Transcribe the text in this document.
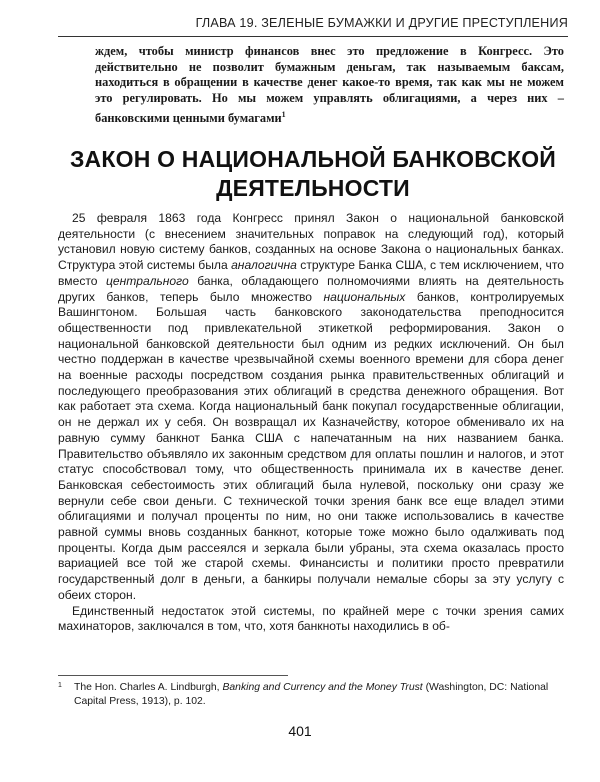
ГЛАВА 19. ЗЕЛЕНЫЕ БУМАЖКИ И ДРУГИЕ ПРЕСТУПЛЕНИЯ
ждем, чтобы министр финансов внес это предложение в Конгресс. Это действительно не позволит бумажным деньгам, так называемым баксам, находиться в обращении в качестве денег какое-то время, так как мы не можем это регулировать. Но мы можем управлять облигациями, а через них – банковскими ценными бумагами$^1$
ЗАКОН О НАЦИОНАЛЬНОЙ БАНКОВСКОЙ
ДЕЯТЕЛЬНОСТИ

25 февраля 1863 года Конгресс принял Закон о национальной банковской деятельности (с внесением значительных поправок на следующий год), который установил новую систему банков, созданных на основе Закона о национальных банках. Структура этой системы была аналогична структуре Банка США, с тем исключением, что вместо центрального банка, обладающего полномочиями влиять на деятельность других банков, теперь было множество национальных банков, контролируемых Вашингтоном. Большая часть банковского законодательства преподносится общественности под привлекательной этикеткой реформирования. Закон о национальной банковской деятельности был одним из редких исключений. Он был честно поддержан в качестве чрезвычайной схемы военного времени для сбора денег на военные расходы посредством создания рынка правительственных облигаций и последующего преобразования этих облигаций в средства денежного обращения. Вот как работает эта схема. Когда национальный банк покупал государственные облигации, он не держал их у себя. Он возвращал их Казначейству, которое обменивало их на равную сумму банкнот Банка США с напечатанным на них названием банка. Правительство объявляло их законным средством для оплаты пошлин и налогов, и этот статус способствовал тому, что общественность принимала их в качестве денег. Банковская себестоимость этих облигаций была нулевой, поскольку они сразу же вернули себе свои деньги. С технической точки зрения банк все еще владел этими облигациями и получал проценты по ним, но они также использовались в качестве равной суммы вновь созданных банкнот, которые тоже можно было одалживать под проценты. Когда дым рассеялся и зеркала были убраны, эта схема оказалась просто вариацией все той же старой схемы. Финансисты и политики просто превратили государственный долг в деньги, а банкиры получали немалые сборы за эту услугу с обеих сторон.

Единственный недостаток этой системы, по крайней мере с точки зрения самих махинаторов, заключался в том, что, хотя банкноты находились в об-

1	The Hon. Charles A. Lindburgh, Banking and Currency and the Money Trust (Washington, DC: National Capital Press, 1913), p. 102.
401
